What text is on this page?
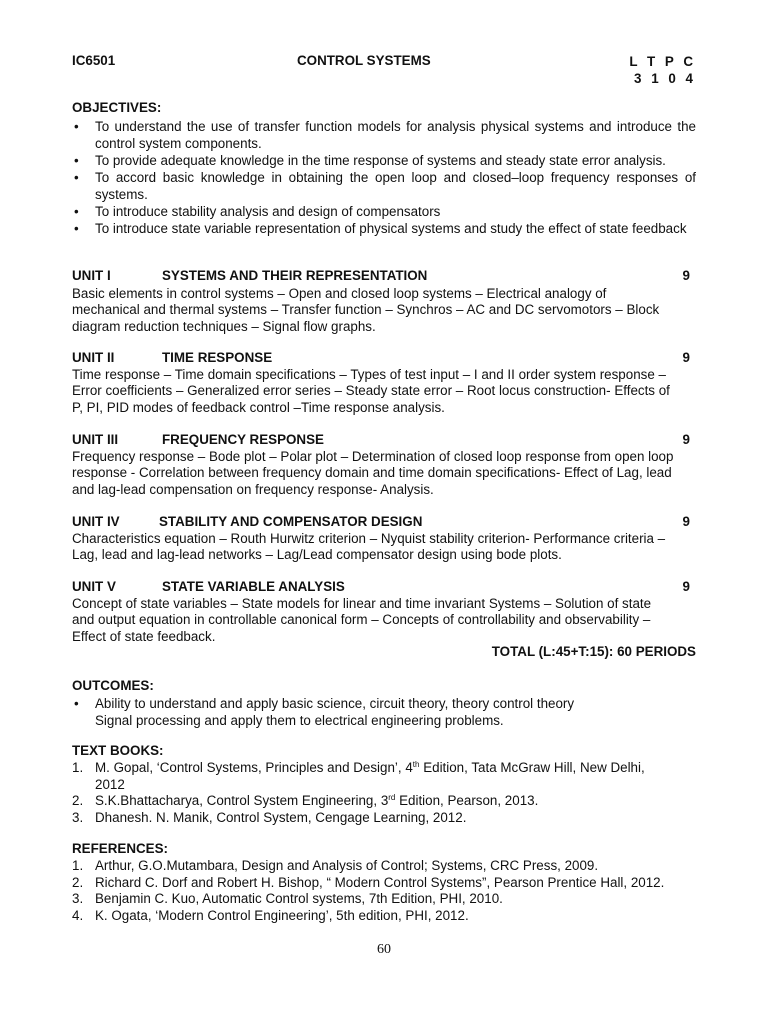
IC6501	CONTROL SYSTEMS	L T P C
3 1 0 4
OBJECTIVES:
• To understand the use of transfer function models for analysis physical systems and introduce the control system components.
• To provide adequate knowledge in the time response of systems and steady state error analysis.
• To accord basic knowledge in obtaining the open loop and closed–loop frequency responses of systems.
• To introduce stability analysis and design of compensators
• To introduce state variable representation of physical systems and study the effect of state feedback
UNIT I	SYSTEMS AND THEIR REPRESENTATION	9
Basic elements in control systems – Open and closed loop systems – Electrical analogy of
mechanical and thermal systems – Transfer function – Synchros – AC and DC servomotors – Block
diagram reduction techniques – Signal flow graphs.
UNIT II	TIME RESPONSE	9
Time response – Time domain specifications – Types of test input – I and II order system response –
Error coefficients – Generalized error series – Steady state error – Root locus construction- Effects of
P, PI, PID modes of feedback control –Time response analysis.
UNIT III	FREQUENCY RESPONSE	9
Frequency response – Bode plot – Polar plot – Determination of closed loop response from open loop
response - Correlation between frequency domain and time domain specifications- Effect of Lag, lead
and lag-lead compensation on frequency response- Analysis.
UNIT IV	STABILITY AND COMPENSATOR DESIGN	9
Characteristics equation – Routh Hurwitz criterion – Nyquist stability criterion- Performance criteria –
Lag, lead and lag-lead networks – Lag/Lead compensator design using bode plots.
UNIT V	STATE VARIABLE ANALYSIS	9
Concept of state variables – State models for linear and time invariant Systems – Solution of state
and output equation in controllable canonical form – Concepts of controllability and observability –
Effect of state feedback.
TOTAL (L:45+T:15): 60 PERIODS
OUTCOMES:
• Ability to understand and apply basic science, circuit theory, theory control theory
Signal processing and apply them to electrical engineering problems.
TEXT BOOKS:
1. M. Gopal, ‘Control Systems, Principles and Design’, 4th Edition, Tata McGraw Hill, New Delhi,
2012
2. S.K.Bhattacharya, Control System Engineering, 3rd Edition, Pearson, 2013.
3. Dhanesh. N. Manik, Control System, Cengage Learning, 2012.
REFERENCES:
1. Arthur, G.O.Mutambara, Design and Analysis of Control; Systems, CRC Press, 2009.
2. Richard C. Dorf and Robert H. Bishop, “ Modern Control Systems”, Pearson Prentice Hall, 2012.
3. Benjamin C. Kuo, Automatic Control systems, 7th Edition, PHI, 2010.
4. K. Ogata, ‘Modern Control Engineering’, 5th edition, PHI, 2012.
60
